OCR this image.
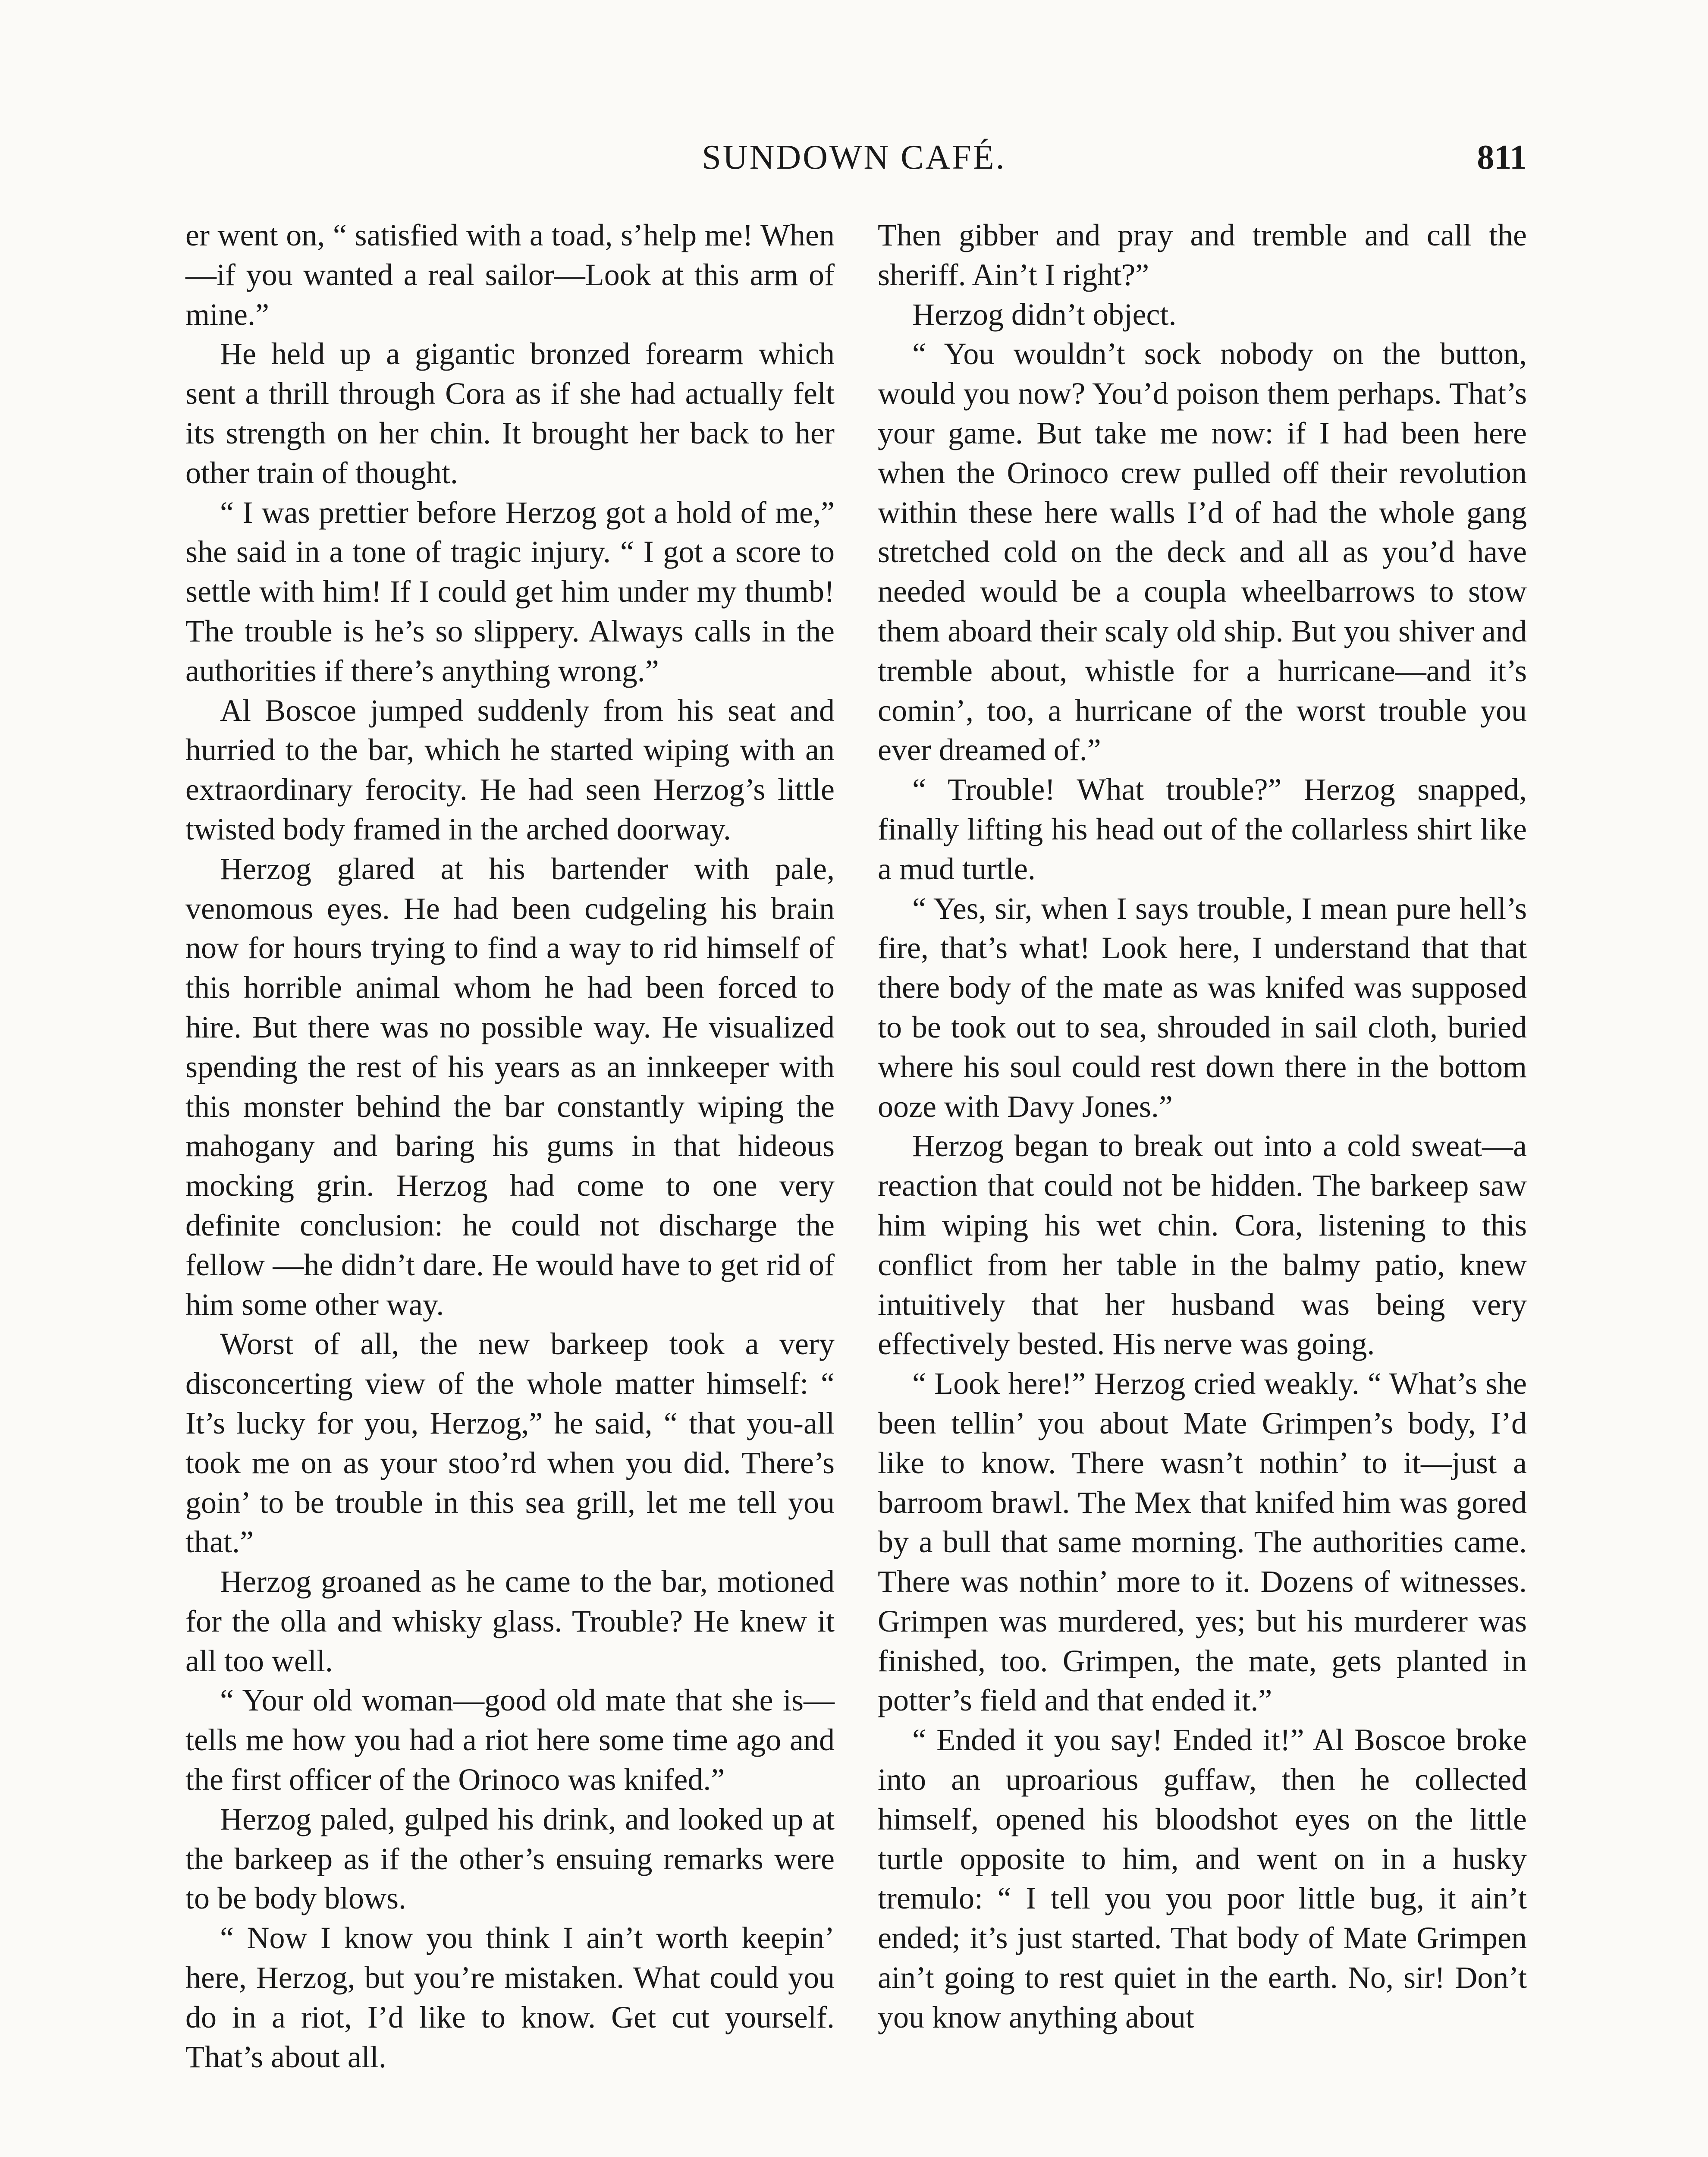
SUNDOWN CAFÉ.	811

er went on, “ satisfied with a toad, s’help me! When—if you wanted a real sailor—Look at this arm of mine.”

He held up a gigantic bronzed forearm which sent a thrill through Cora as if she had actually felt its strength on her chin. It brought her back to her other train of thought.

“ I was prettier before Herzog got a hold of me,” she said in a tone of tragic injury. “ I got a score to settle with him! If I could get him under my thumb! The trouble is he’s so slippery. Always calls in the authorities if there’s anything wrong.”

Al Boscoe jumped suddenly from his seat and hurried to the bar, which he started wiping with an extraordinary ferocity. He had seen Herzog’s little twisted body framed in the arched doorway.

Herzog glared at his bartender with pale, venomous eyes. He had been cudgeling his brain now for hours trying to find a way to rid himself of this horrible animal whom he had been forced to hire. But there was no possible way. He visualized spending the rest of his years as an innkeeper with this monster behind the bar constantly wiping the mahogany and baring his gums in that hideous mocking grin. Herzog had come to one very definite conclusion: he could not discharge the fellow —he didn’t dare. He would have to get rid of him some other way.

Worst of all, the new barkeep took a very disconcerting view of the whole matter himself: “ It’s lucky for you, Herzog,” he said, “ that you-all took me on as your stoo’rd when you did. There’s goin’ to be trouble in this sea grill, let me tell you that.”

Herzog groaned as he came to the bar, motioned for the olla and whisky glass. Trouble? He knew it all too well.

“ Your old woman—good old mate that she is—tells me how you had a riot here some time ago and the first officer of the Orinoco was knifed.”

Herzog paled, gulped his drink, and looked up at the barkeep as if the other’s ensuing remarks were to be body blows.

“ Now I know you think I ain’t worth keepin’ here, Herzog, but you’re mistaken. What could you do in a riot, I’d like to know. Get cut yourself. That’s about all.

Then gibber and pray and tremble and call the sheriff. Ain’t I right?”

Herzog didn’t object.

“ You wouldn’t sock nobody on the button, would you now? You’d poison them perhaps. That’s your game. But take me now: if I had been here when the Orinoco crew pulled off their revolution within these here walls I’d of had the whole gang stretched cold on the deck and all as you’d have needed would be a coupla wheelbarrows to stow them aboard their scaly old ship. But you shiver and tremble about, whistle for a hurricane—and it’s comin’, too, a hurricane of the worst trouble you ever dreamed of.”

“ Trouble! What trouble?” Herzog snapped, finally lifting his head out of the collarless shirt like a mud turtle.

“ Yes, sir, when I says trouble, I mean pure hell’s fire, that’s what! Look here, I understand that that there body of the mate as was knifed was supposed to be took out to sea, shrouded in sail cloth, buried where his soul could rest down there in the bottom ooze with Davy Jones.”

Herzog began to break out into a cold sweat—a reaction that could not be hidden. The barkeep saw him wiping his wet chin. Cora, listening to this conflict from her table in the balmy patio, knew intuitively that her husband was being very effectively bested. His nerve was going.

“ Look here!” Herzog cried weakly. “ What’s she been tellin’ you about Mate Grimpen’s body, I’d like to know. There wasn’t nothin’ to it—just a barroom brawl. The Mex that knifed him was gored by a bull that same morning. The authorities came. There was nothin’ more to it. Dozens of witnesses. Grimpen was murdered, yes; but his murderer was finished, too. Grimpen, the mate, gets planted in potter’s field and that ended it.”

“ Ended it you say! Ended it!” Al Boscoe broke into an uproarious guffaw, then he collected himself, opened his bloodshot eyes on the little turtle opposite to him, and went on in a husky tremulo: “ I tell you you poor little bug, it ain’t ended; it’s just started. That body of Mate Grimpen ain’t going to rest quiet in the earth. No, sir! Don’t you know anything about
